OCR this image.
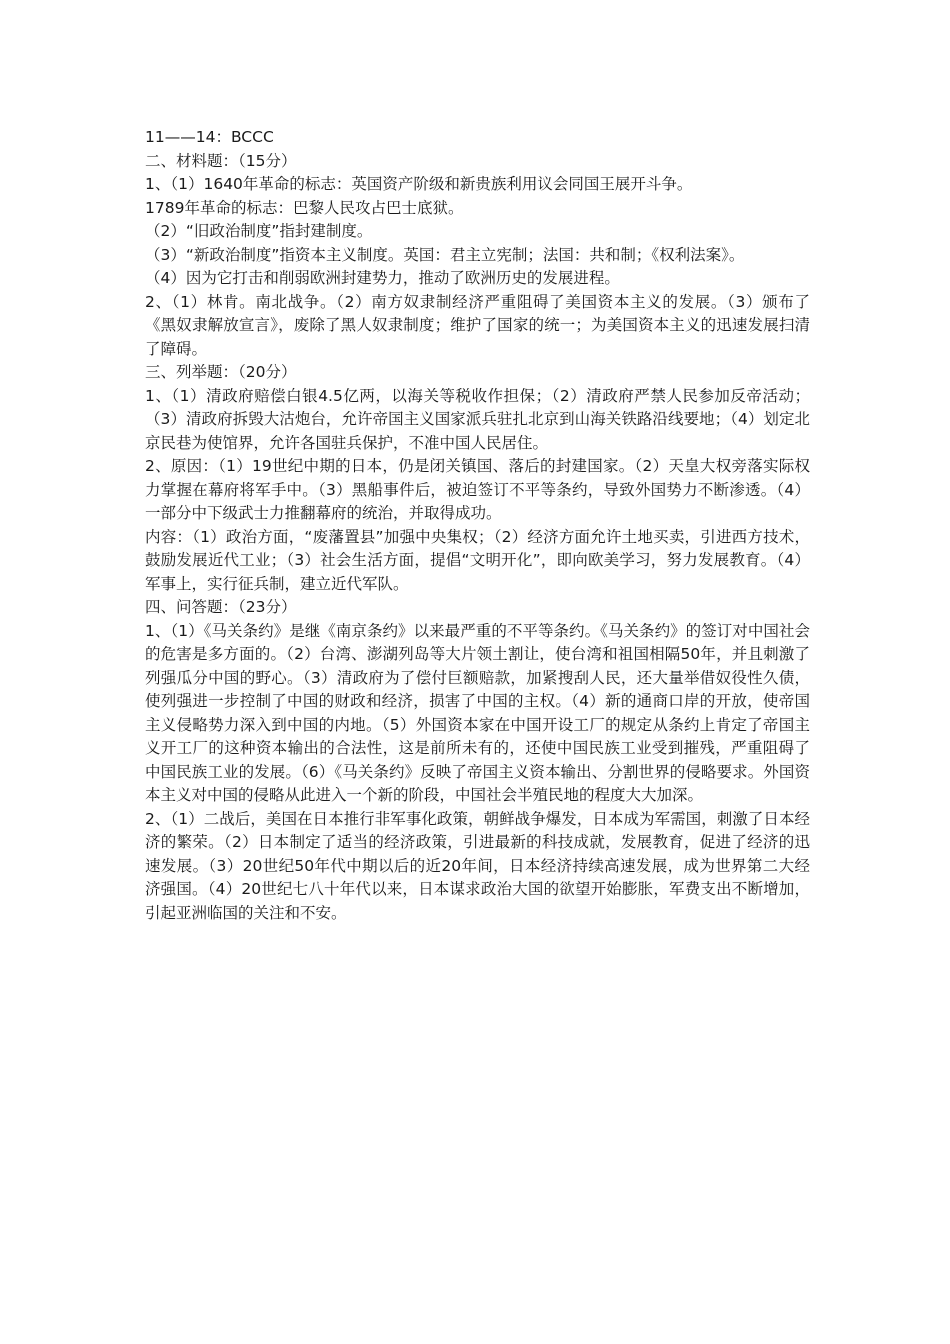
11——14：BCCC

二、材料题：（15分）

1、（1）1640年革命的标志：英国资产阶级和新贵族利用议会同国王展开斗争。

1789年革命的标志：巴黎人民攻占巴士底狱。

（2）“旧政治制度”指封建制度。

（3）“新政治制度”指资本主义制度。英国：君主立宪制；法国：共和制；《权利法案》。

（4）因为它打击和削弱欧洲封建势力，推动了欧洲历史的发展进程。

2、（1）林肯。南北战争。（2）南方奴隶制经济严重阻碍了美国资本主义的发展。（3）颁布了《黑奴隶解放宣言》，废除了黑人奴隶制度；维护了国家的统一；为美国资本主义的迅速发展扫清了障碍。

三、列举题：（20分）

1、（1）清政府赔偿白银4.5亿两，以海关等税收作担保；（2）清政府严禁人民参加反帝活动；（3）清政府拆毁大沽炮台，允许帝国主义国家派兵驻扎北京到山海关铁路沿线要地；（4）划定北京民巷为使馆界，允许各国驻兵保护，不准中国人民居住。

2、原因：（1）19世纪中期的日本，仍是闭关镇国、落后的封建国家。（2）天皇大权旁落实际权力掌握在幕府将军手中。（3）黑船事件后，被迫签订不平等条约，导致外国势力不断渗透。（4）一部分中下级武士力推翻幕府的统治，并取得成功。

内容：（1）政治方面，“废藩置县”加强中央集权；（2）经济方面允许土地买卖，引进西方技术，鼓励发展近代工业；（3）社会生活方面，提倡“文明开化”，即向欧美学习，努力发展教育。（4）军事上，实行征兵制，建立近代军队。

四、问答题：（23分）

1、（1）《马关条约》是继《南京条约》以来最严重的不平等条约。《马关条约》的签订对中国社会的危害是多方面的。（2）台湾、澎湖列岛等大片领土割让，使台湾和祖国相隔50年，并且刺激了列强瓜分中国的野心。（3）清政府为了偿付巨额赔款，加紧搜刮人民，还大量举借奴役性久债，使列强进一步控制了中国的财政和经济，损害了中国的主权。（4）新的通商口岸的开放，使帝国主义侵略势力深入到中国的内地。（5）外国资本家在中国开设工厂的规定从条约上肯定了帝国主义开工厂的这种资本输出的合法性，这是前所未有的，还使中国民族工业受到摧残，严重阻碍了中国民族工业的发展。（6）《马关条约》反映了帝国主义资本输出、分割世界的侵略要求。外国资本主义对中国的侵略从此进入一个新的阶段，中国社会半殖民地的程度大大加深。

2、（1）二战后，美国在日本推行非军事化政策，朝鲜战争爆发，日本成为军需国，刺激了日本经济的繁荣。（2）日本制定了适当的经济政策，引进最新的科技成就，发展教育，促进了经济的迅速发展。（3）20世纪50年代中期以后的近20年间，日本经济持续高速发展，成为世界第二大经济强国。（4）20世纪七八十年代以来，日本谋求政治大国的欲望开始膨胀，军费支出不断增加，引起亚洲临国的关注和不安。
